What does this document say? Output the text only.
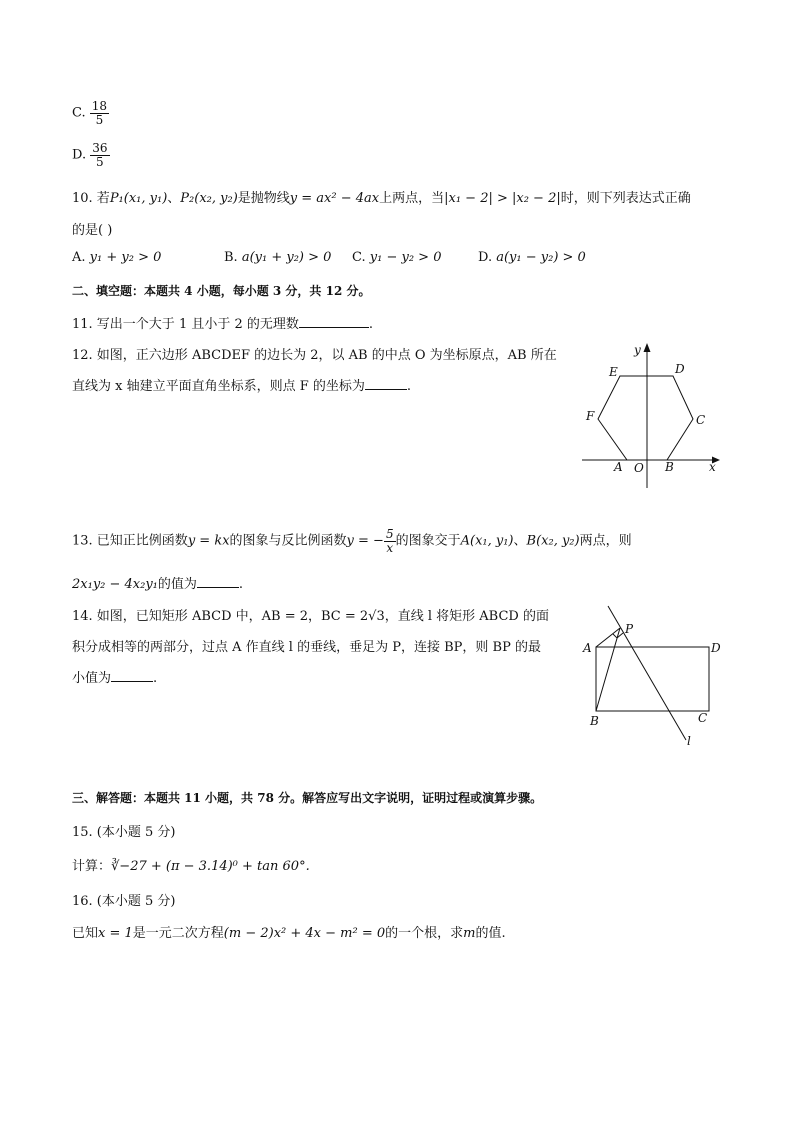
C. $\frac{18}{5}$
D. $\frac{36}{5}$
10. 若P₁(x₁, y₁)、P₂(x₂, y₂)是抛物线y = ax² − 4ax上两点，当|x₁ − 2| > |x₂ − 2|时，则下列表达式正确
的是( )
A. y₁ + y₂ > 0	B. a(y₁ + y₂) > 0 C. y₁ − y₂ > 0	D. a(y₁ − y₂) > 0
二、填空题：本题共 4 小题，每小题 3 分，共 12 分。
11. 写出一个大于 1 且小于 2 的无理数	.
12. 如图，正六边形 ABCDEF 的边长为 2，以 AB 的中点 O 为坐标原点，AB 所在
直线为 x 轴建立平面直角坐标系，则点 F 的坐标为	.
y
x
O
A	B
C
D
E
F
13. 已知正比例函数y = kx的图象与反比例函数y = − $\frac{5}{x}$ 的图象交于A(x₁, y₁)、B(x₂, y₂)两点，则
2x₁y₂ − 4x₂y₁的值为	.
14. 如图，已知矩形 ABCD 中，AB = 2，BC = 2√3，直线 l 将矩形 ABCD 的面
积分成相等的两部分，过点 A 作直线 l 的垂线，垂足为 P，连接 BP，则 BP 的最
小值为	.
A
B	C
D
P
l
三、解答题：本题共 11 小题，共 78 分。解答应写出文字说明，证明过程或演算步骤。
15. (本小题 5 分)
计算：∛−27 + (π − 3.14)⁰ + tan 60°.
16. (本小题 5 分)
已知x = 1是一元二次方程(m − 2)x² + 4x − m² = 0的一个根，求m的值.
